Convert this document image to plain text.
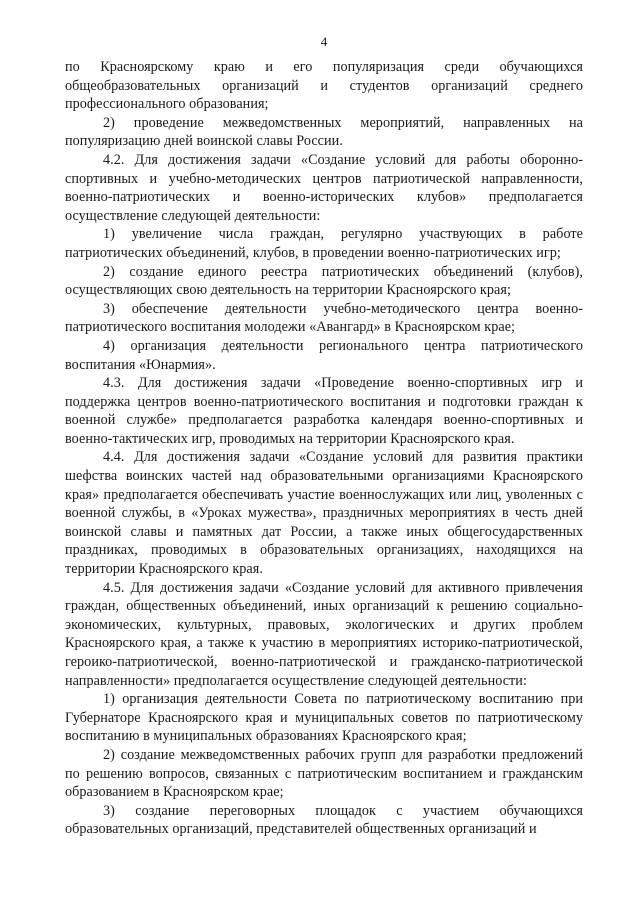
4

по Красноярскому краю и его популяризация среди обучающихся общеобразовательных организаций и студентов организаций среднего профессионального образования;

2) проведение межведомственных мероприятий, направленных на популяризацию дней воинской славы России.

4.2. Для достижения задачи «Создание условий для работы оборонно-спортивных и учебно-методических центров патриотической направленности, военно-патриотических и военно-исторических клубов» предполагается осуществление следующей деятельности:

1) увеличение числа граждан, регулярно участвующих в работе патриотических объединений, клубов, в проведении военно-патриотических игр;

2) создание единого реестра патриотических объединений (клубов), осуществляющих свою деятельность на территории Красноярского края;

3) обеспечение деятельности учебно-методического центра военно-патриотического воспитания молодежи «Авангард» в Красноярском крае;

4) организация деятельности регионального центра патриотического воспитания «Юнармия».

4.3. Для достижения задачи «Проведение военно-спортивных игр и поддержка центров военно-патриотического воспитания и подготовки граждан к военной службе» предполагается разработка календаря военно-спортивных и военно-тактических игр, проводимых на территории Красноярского края.

4.4. Для достижения задачи «Создание условий для развития практики шефства воинских частей над образовательными организациями Красноярского края» предполагается обеспечивать участие военнослужащих или лиц, уволенных с военной службы, в «Уроках мужества», праздничных мероприятиях в честь дней воинской славы и памятных дат России, а также иных общегосударственных праздниках, проводимых в образовательных организациях, находящихся на территории Красноярского края.

4.5. Для достижения задачи «Создание условий для активного привлечения граждан, общественных объединений, иных организаций к решению социально-экономических, культурных, правовых, экологических и других проблем Красноярского края, а также к участию в мероприятиях историко-патриотической, героико-патриотической, военно-патриотической и гражданско-патриотической направленности» предполагается осуществление следующей деятельности:

1) организация деятельности Совета по патриотическому воспитанию при Губернаторе Красноярского края и муниципальных советов по патриотическому воспитанию в муниципальных образованиях Красноярского края;

2) создание межведомственных рабочих групп для разработки предложений по решению вопросов, связанных с патриотическим воспитанием и гражданским образованием в Красноярском крае;

3) создание переговорных площадок с участием обучающихся образовательных организаций, представителей общественных организаций и
